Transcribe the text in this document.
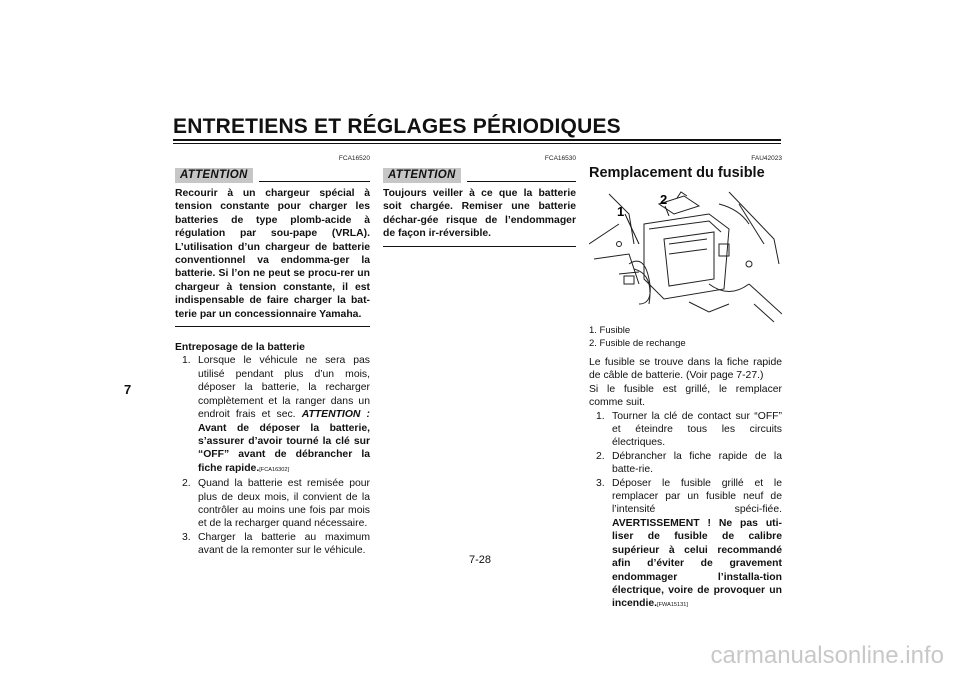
ENTRETIENS ET RÉGLAGES PÉRIODIQUES
7
FCA16520
ATTENTION
Recourir à un chargeur spécial à tension constante pour charger les batteries de type plomb-acide à régulation par sou-pape (VRLA). L’utilisation d’un chargeur de batterie conventionnel va endomma-ger la batterie. Si l’on ne peut se procu-rer un chargeur à tension constante, il est indispensable de faire charger la bat-terie par un concessionnaire Yamaha.
Entreposage de la batterie
1. Lorsque le véhicule ne sera pas utilisé pendant plus d’un mois, déposer la batterie, la recharger complètement et la ranger dans un endroit frais et sec. ATTENTION : Avant de déposer la batterie, s’assurer d’avoir tourné la clé sur “OFF” avant de débrancher la fiche rapide.[FCA16302]
2. Quand la batterie est remisée pour plus de deux mois, il convient de la contrôler au moins une fois par mois et de la recharger quand nécessaire.
3. Charger la batterie au maximum avant de la remonter sur le véhicule.
FCA16530
ATTENTION
Toujours veiller à ce que la batterie soit chargée. Remiser une batterie déchar-gée risque de l’endommager de façon ir-réversible.
FAU42023
Remplacement du fusible
1
2
1. Fusible
2. Fusible de rechange
Le fusible se trouve dans la fiche rapide de câble de batterie. (Voir page 7-27.)
Si le fusible est grillé, le remplacer comme suit.
1. Tourner la clé de contact sur “OFF” et éteindre tous les circuits électriques.
2. Débrancher la fiche rapide de la batte-rie.
3. Déposer le fusible grillé et le remplacer par un fusible neuf de l’intensité spéci-fiée. AVERTISSEMENT ! Ne pas uti-liser de fusible de calibre supérieur à celui recommandé afin d’éviter de gravement endommager l’installa-tion électrique, voire de provoquer un incendie.[FWA15131]
7-28
carmanualsonline.info
